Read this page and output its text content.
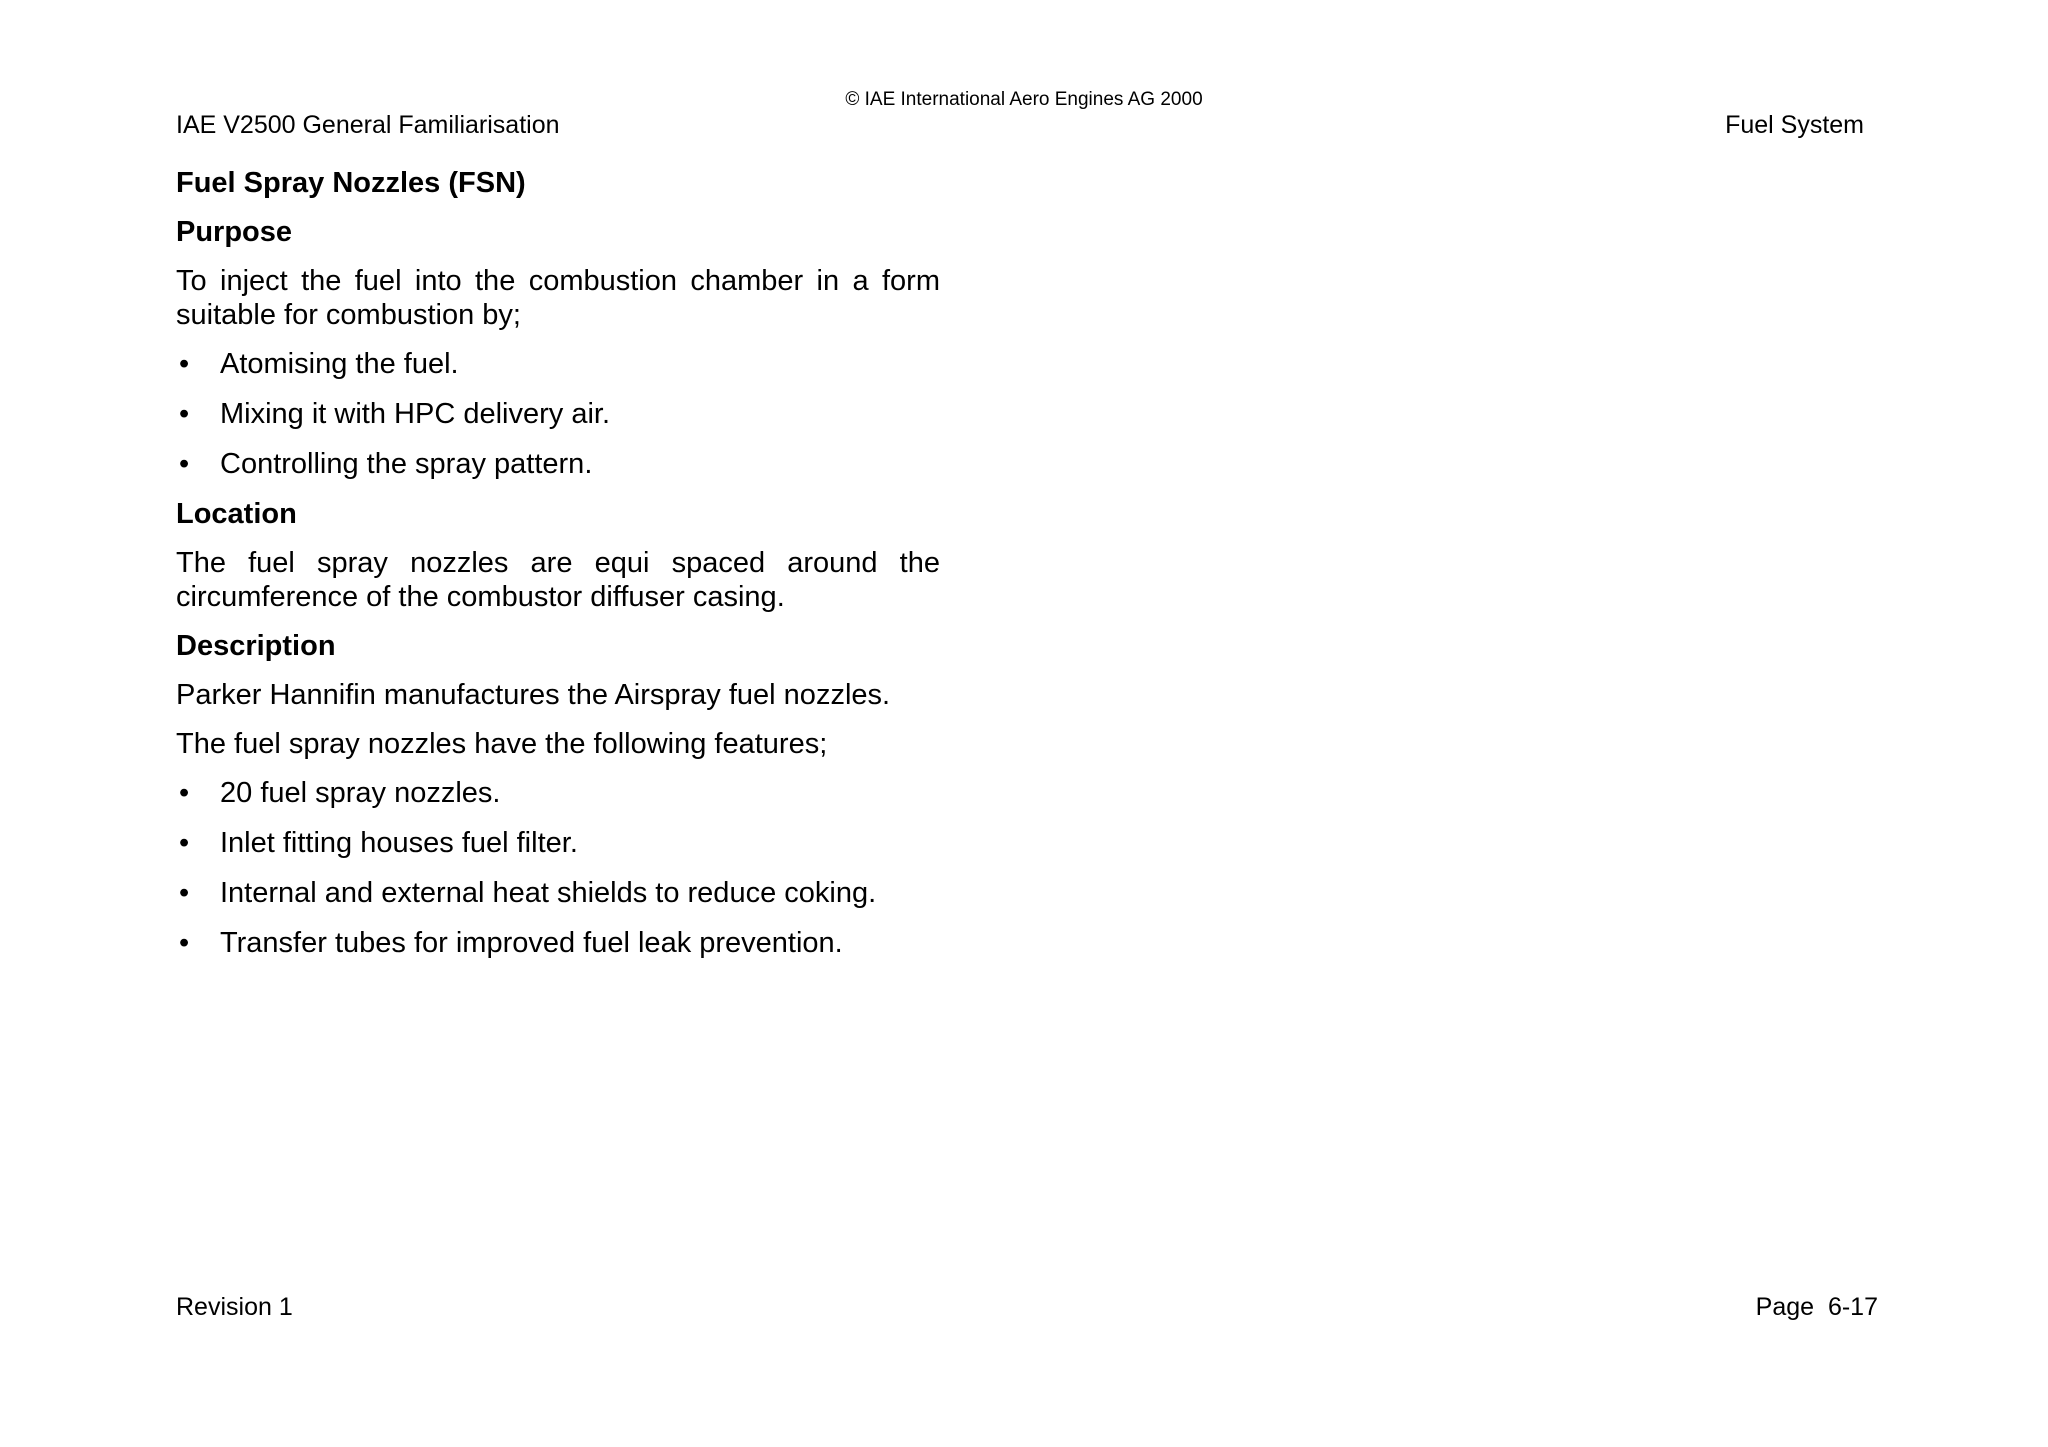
© IAE International Aero Engines AG 2000
IAE V2500 General Familiarisation	Fuel System

Fuel Spray Nozzles (FSN)

Purpose

To inject the fuel into the combustion chamber in a form suitable for combustion by;

• Atomising the fuel.
• Mixing it with HPC delivery air.
• Controlling the spray pattern.

Location

The fuel spray nozzles are equi spaced around the circumference of the combustor diffuser casing.

Description

Parker Hannifin manufactures the Airspray fuel nozzles.

The fuel spray nozzles have the following features;

• 20 fuel spray nozzles.
• Inlet fitting houses fuel filter.
• Internal and external heat shields to reduce coking.
• Transfer tubes for improved fuel leak prevention.
Revision 1	Page  6-17
